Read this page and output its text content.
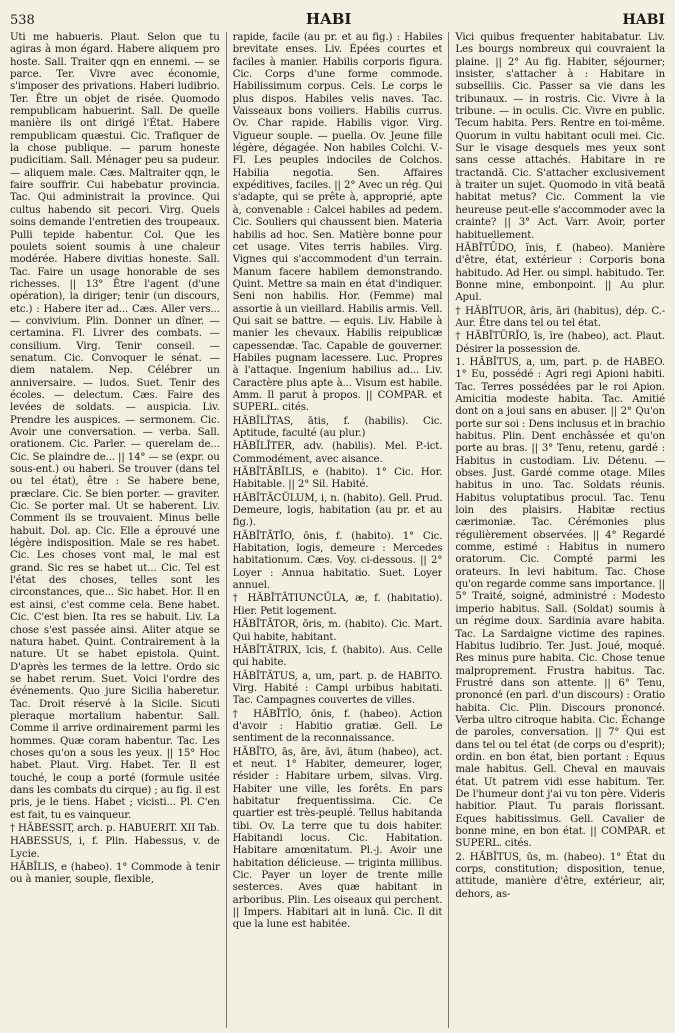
538	HABI	HABI

Uti me habueris. Plaut. Selon que tu agiras à mon égard. Habere aliquem pro hoste. Sall. Traiter qqn en ennemi. — se parce. Ter. Vivre avec économie, s'imposer des privations. Haberi ludibrio. Ter. Être un objet de risée. Quomodo rempublicam habuerint. Sall. De quelle manière ils ont dirigé l'État. Habere rempublicam quæstui. Cic. Trafiquer de la chose publique. — parum honeste pudicitiam. Sall. Ménager peu sa pudeur. — aliquem male. Cæs. Maltraiter qqn, le faire souffrir. Cui habebatur provincia. Tac. Qui administrait la province. Qui cultus habendo sit pecori. Virg. Quels soins demande l'entretien des troupeaux. Pulli tepide habentur. Col. Que les poulets soient soumis à une chaleur modérée. Habere divitias honeste. Sall. Tac. Faire un usage honorable de ses richesses. || 13° Être l'agent (d'une opération), la diriger; tenir (un discours, etc.) : Habere iter ad... Cæs. Aller vers... — convivium. Plin. Donner un dîner. — certamina. Fl. Livrer des combats. — consilium. Virg. Tenir conseil. — senatum. Cic. Convoquer le sénat. — diem natalem. Nep. Célébrer un anniversaire. — ludos. Suet. Tenir des écoles. — delectum. Cæs. Faire des levées de soldats. — auspicia. Liv. Prendre les auspices. — sermonem. Cic. Avoir une conversation. — verba. Sall. orationem. Cic. Parler. — querelam de... Cic. Se plaindre de... || 14° — se (expr. ou sous-ent.) ou haberi. Se trouver (dans tel ou tel état), être : Se habere bene, præclare. Cic. Se bien porter. — graviter. Cic. Se porter mal. Ut se haberent. Liv. Comment ils se trouvaient. Minus belle habuit. Dol. ap. Cic. Elle a éprouvé une légère indisposition. Male se res habet. Cic. Les choses vont mal, le mal est grand. Sic res se habet ut... Cic. Tel est l'état des choses, telles sont les circonstances, que... Sic habet. Hor. Il en est ainsi, c'est comme cela. Bene habet. Cic. C'est bien. Ita res se habuit. Liv. La chose s'est passée ainsi. Aliter atque se natura habet. Quint. Contrairement à la nature. Ut se habet epistola. Quint. D'après les termes de la lettre. Ordo sic se habet rerum. Suet. Voici l'ordre des événements. Quo jure Sicilia haberetur. Tac. Droit réservé à la Sicile. Sicuti pleraque mortalium habentur. Sall. Comme il arrive ordinairement parmi les hommes. Quæ coram habentur. Tac. Les choses qu'on a sous les yeux. || 15° Hoc habet. Plaut. Virg. Habet. Ter. Il est touché, le coup a porté (formule usitée dans les combats du cirque) ; au fig. il est pris, je le tiens. Habet ; vicisti... Pl. C'en est fait, tu es vainqueur.

† HĂBESSIT, arch. p. HABUERIT. XII Tab.

HABESSUS, i, f. Plin. Habessus, v. de Lycie.

HĂBĬLIS, e (habeo). 1° Commode à tenir ou à manier, souple, flexible,

rapide, facile (au pr. et au fig.) : Habiles brevitate enses. Liv. Épées courtes et faciles à manier. Habilis corporis figura. Cic. Corps d'une forme commode. Habilissimum corpus. Cels. Le corps le plus dispos. Habiles velis naves. Tac. Vaisseaux bons voiliers. Habilis currus. Ov. Char rapide. Habilis vigor. Virg. Vigueur souple. — puella. Ov. Jeune fille légère, dégagée. Non habiles Colchi. V.-Fl. Les peuples indociles de Colchos. Habilia negotia. Sen. Affaires expéditives, faciles. || 2° Avec un rég. Qui s'adapte, qui se prête à, approprié, apte à, convenable : Calcei habiles ad pedem. Cic. Souliers qui chaussent bien. Materia habilis ad hoc. Sen. Matière bonne pour cet usage. Vites terris habiles. Virg. Vignes qui s'accommodent d'un terrain. Manum facere habilem demonstrando. Quint. Mettre sa main en état d'indiquer. Seni non habilis. Hor. (Femme) mal assortie à un vieillard. Habilis armis. Vell. Qui sait se battre. — equis. Liv. Habile à manier les chevaux. Habilis reipublicæ capessendæ. Tac. Capable de gouverner. Habiles pugnam lacessere. Luc. Propres à l'attaque. Ingenium habilius ad... Liv. Caractère plus apte à... Visum est habile. Amm. Il parut à propos. || COMPAR. et SUPERL. cités.

HĂBĬLĬTAS, ātis, f. (habilis). Cic. Aptitude, faculté (au plur.)

HĂBĬLĬTER, adv. (habilis). Mel. P.-ict. Commodément, avec aisance.

HĂBĬTĀBĬLIS, e (habito). 1° Cic. Hor. Habitable. || 2° Sil. Habité.

HĂBĬTĀCŬLUM, i, n. (habito). Gell. Prud. Demeure, logis, habitation (au pr. et au fig.).

HĂBĬTĀTĬO, ōnis, f. (habito). 1° Cic. Habitation, logis, demeure : Mercedes habitationum. Cæs. Voy. ci-dessous. || 2° Loyer : Annua habitatio. Suet. Loyer annuel.

† HĂBĬTĀTIUNCŬLA, æ, f. (habitatio). Hier. Petit logement.

HĂBĬTĀTOR, ōris, m. (habito). Cic. Mart. Qui habite, habitant.

HĂBĬTĀTRIX, īcis, f. (habito). Aus. Celle qui habite.

HĂBĬTĀTUS, a, um, part. p. de HABITO. Virg. Habité : Campi urbibus habitati. Tac. Campagnes couvertes de villes.

† HĂBĬTĬO, ōnis, f. (habeo). Action d'avoir : Habitio gratiæ. Gell. Le sentiment de la reconnaissance.

HĂBĬTO, ās, āre, āvi, ātum (habeo), act. et neut. 1° Habiter, demeurer, loger, résider : Habitare urbem, silvas. Virg. Habiter une ville, les forêts. En pars habitatur frequentissima. Cic. Ce quartier est très-peuplé. Tellus habitanda tibi. Ov. La terre que tu dois habiter. Habitandi locus. Cic. Habitation. Habitare amœnitatum. Pl.-j. Avoir une habitation délicieuse. — triginta millibus. Cic. Payer un loyer de trente mille sesterces. Aves quæ habitant in arboribus. Plin. Les oiseaux qui perchent. || Impers. Habitari ait in lunā. Cic. Il dit que la lune est habitée.

Vici quibus frequenter habitabatur. Liv. Les bourgs nombreux qui couvraient la plaine. || 2° Au fig. Habiter, séjourner; insister, s'attacher à : Habitare in subselliis. Cic. Passer sa vie dans les tribunaux. — in rostris. Cic. Vivre à la tribune. — in oculis. Cic. Vivre en public. Tecum habita. Pers. Rentre en toi-même. Quorum in vultu habitant oculi mei. Cic. Sur le visage desquels mes yeux sont sans cesse attachés. Habitare in re tractandā. Cic. S'attacher exclusivement à traiter un sujet. Quomodo in vitā beatā habitat metus? Cic. Comment la vie heureuse peut-elle s'accommoder avec la crainte? || 3° Act. Varr. Avoir, porter habituellement.

HĂBĬTŪDO, ĭnis, f. (habeo). Manière d'être, état, extérieur : Corporis bona habitudo. Ad Her. ou simpl. habitudo. Ter. Bonne mine, embonpoint. || Au plur. Apul.

† HĂBĬTUOR, āris, āri (habitus), dép. C.-Aur. Être dans tel ou tel état.

† HĂBĬTŬRĬO, īs, īre (habeo), act. Plaut. Désirer la possession de.

1. HĂBĬTUS, a, um, part. p. de HABEO. 1° Eu, possédé : Agri regi Apioni habiti. Tac. Terres possédées par le roi Apion. Amicitia modeste habita. Tac. Amitié dont on a joui sans en abuser. || 2° Qu'on porte sur soi : Dens inclusus et in brachio habitus. Plin. Dent enchâssée et qu'on porte au bras. || 3° Tenu, retenu, gardé : Habitus in custodiam. Liv. Détenu. — obses. Just. Gardé comme otage. Miles habitus in uno. Tac. Soldats réunis. Habitus voluptatibus procul. Tac. Tenu loin des plaisirs. Habitæ rectius cærimoniæ. Tac. Cérémonies plus régulièrement observées. || 4° Regardé comme, estimé : Habitus in numero oratorum. Cic. Compté parmi les orateurs. In levi habitum. Tac. Chose qu'on regarde comme sans importance. || 5° Traité, soigné, administré : Modesto imperio habitus. Sall. (Soldat) soumis à un régime doux. Sardinia avare habita. Tac. La Sardaigne victime des rapines. Habitus ludibrio. Ter. Just. Joué, moqué. Res minus pure habita. Cic. Chose tenue malproprement. Frustra habitus. Tac. Frustré dans son attente. || 6° Tenu, prononcé (en parl. d'un discours) : Oratio habita. Cic. Plin. Discours prononcé. Verba ultro citroque habita. Cic. Échange de paroles, conversation. || 7° Qui est dans tel ou tel état (de corps ou d'esprit); ordin. en bon état, bien portant : Equus male habitus. Gell. Cheval en mauvais état. Ut patrem vidi esse habitum. Ter. De l'humeur dont j'ai vu ton père. Videris habitior. Plaut. Tu parais florissant. Eques habitissimus. Gell. Cavalier de bonne mine, en bon état. || COMPAR. et SUPERL. cités.

2. HĂBĬTUS, ūs, m. (habeo). 1° État du corps, constitution; disposition, tenue, attitude, manière d'être, extérieur, air, dehors, as-
